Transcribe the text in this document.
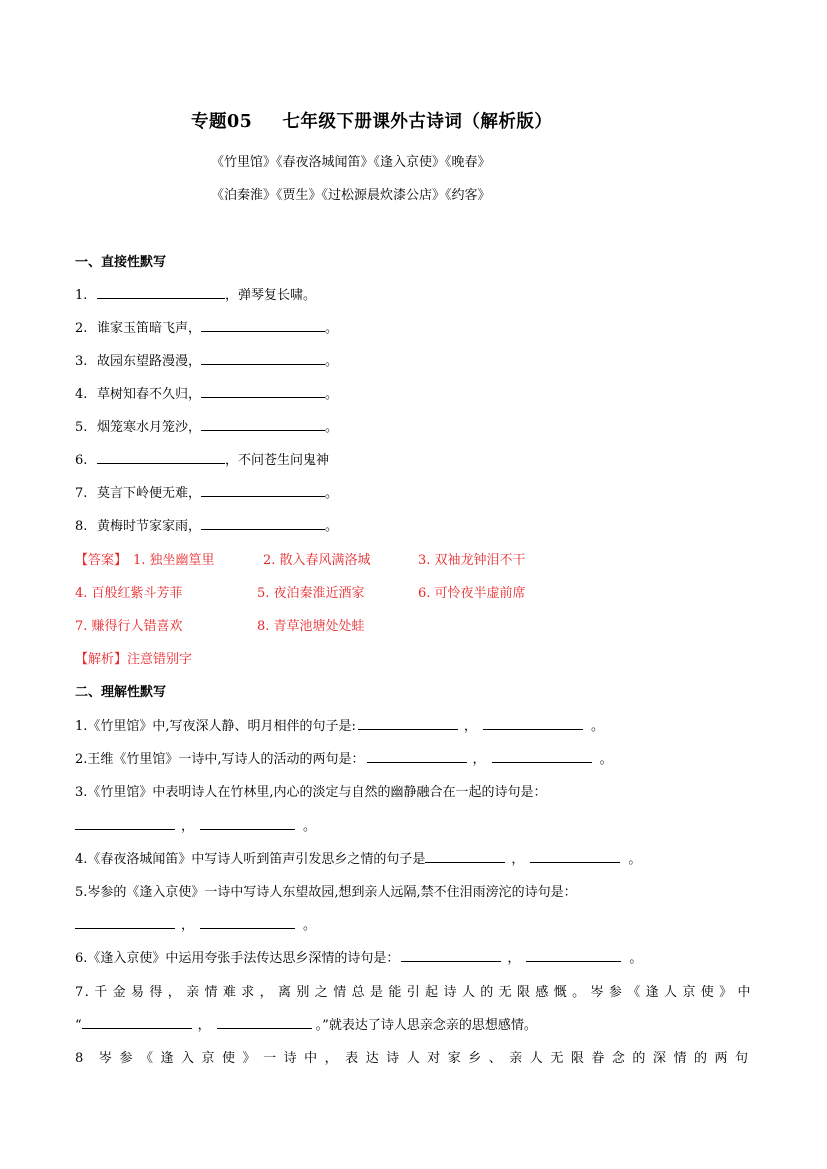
专题05 七年级下册课外古诗词（解析版）
《竹里馆》《春夜洛城闻笛》《逢入京使》《晚春》
《泊秦淮》《贾生》《过松源晨炊漆公店》《约客》
一、直接性默写
1.	，弹琴复长啸。
2. 谁家玉笛暗飞声，	。
3. 故园东望路漫漫，	。
4. 草树知春不久归，	。
5. 烟笼寒水月笼沙，	。
6.	，不问苍生问鬼神
7. 莫言下岭便无难，	。
8. 黄梅时节家家雨，	。
【答案】 1. 独坐幽篁里	2. 散入春风满洛城	3. 双袖龙钟泪不干
4. 百般红紫斗芳菲	5. 夜泊秦淮近酒家	6. 可怜夜半虚前席
7. 赚得行人错喜欢	8. 青草池塘处处蛙
【解析】注意错别字
二、理解性默写
1.《竹里馆》中,写夜深人静、明月相伴的句子是:	，	。
2.王维《竹里馆》一诗中,写诗人的活动的两句是：	，	。
3.《竹里馆》中表明诗人在竹林里,内心的淡定与自然的幽静融合在一起的诗句是：
，	。
4.《春夜洛城闻笛》中写诗人听到笛声引发思乡之情的句子是	，	。
5.岑参的《逢入京使》一诗中写诗人东望故园,想到亲人远隔,禁不住泪雨滂沱的诗句是：
，	。
6.《逢入京使》中运用夸张手法传达思乡深情的诗句是：	，	。
7.千金易得，亲情难求，离别之情总是能引起诗人的无限感慨。岑参《逢人京使》中
“	，	。”就表达了诗人思亲念亲的思想感情。
8 岑参《逢入京使》一诗中，表达诗人对家乡、亲人无限眷念的深情的两句
